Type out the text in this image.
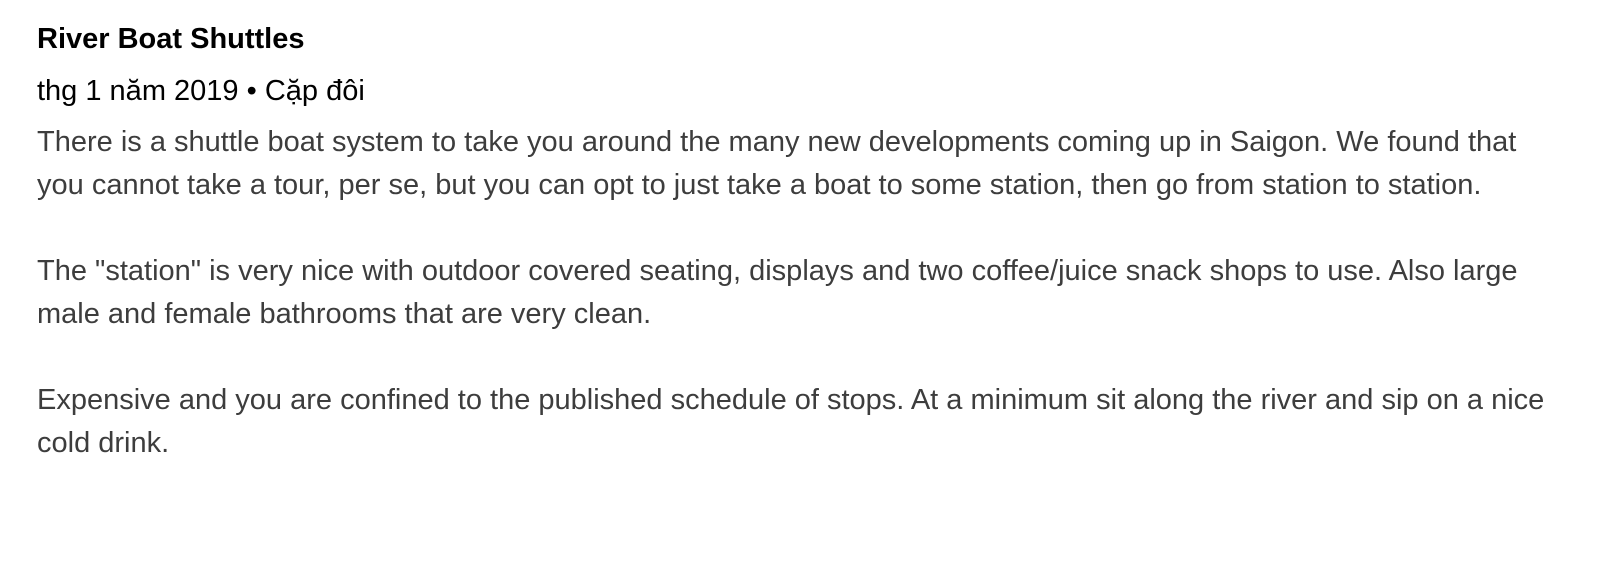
River Boat Shuttles
thg 1 năm 2019 • Cặp đôi

There is a shuttle boat system to take you around the many new developments coming up in Saigon. We found that you cannot take a tour, per se, but you can opt to just take a boat to some station, then go from station to station.

The "station" is very nice with outdoor covered seating, displays and two coffee/juice snack shops to use. Also large male and female bathrooms that are very clean.

Expensive and you are confined to the published schedule of stops. At a minimum sit along the river and sip on a nice cold drink.
